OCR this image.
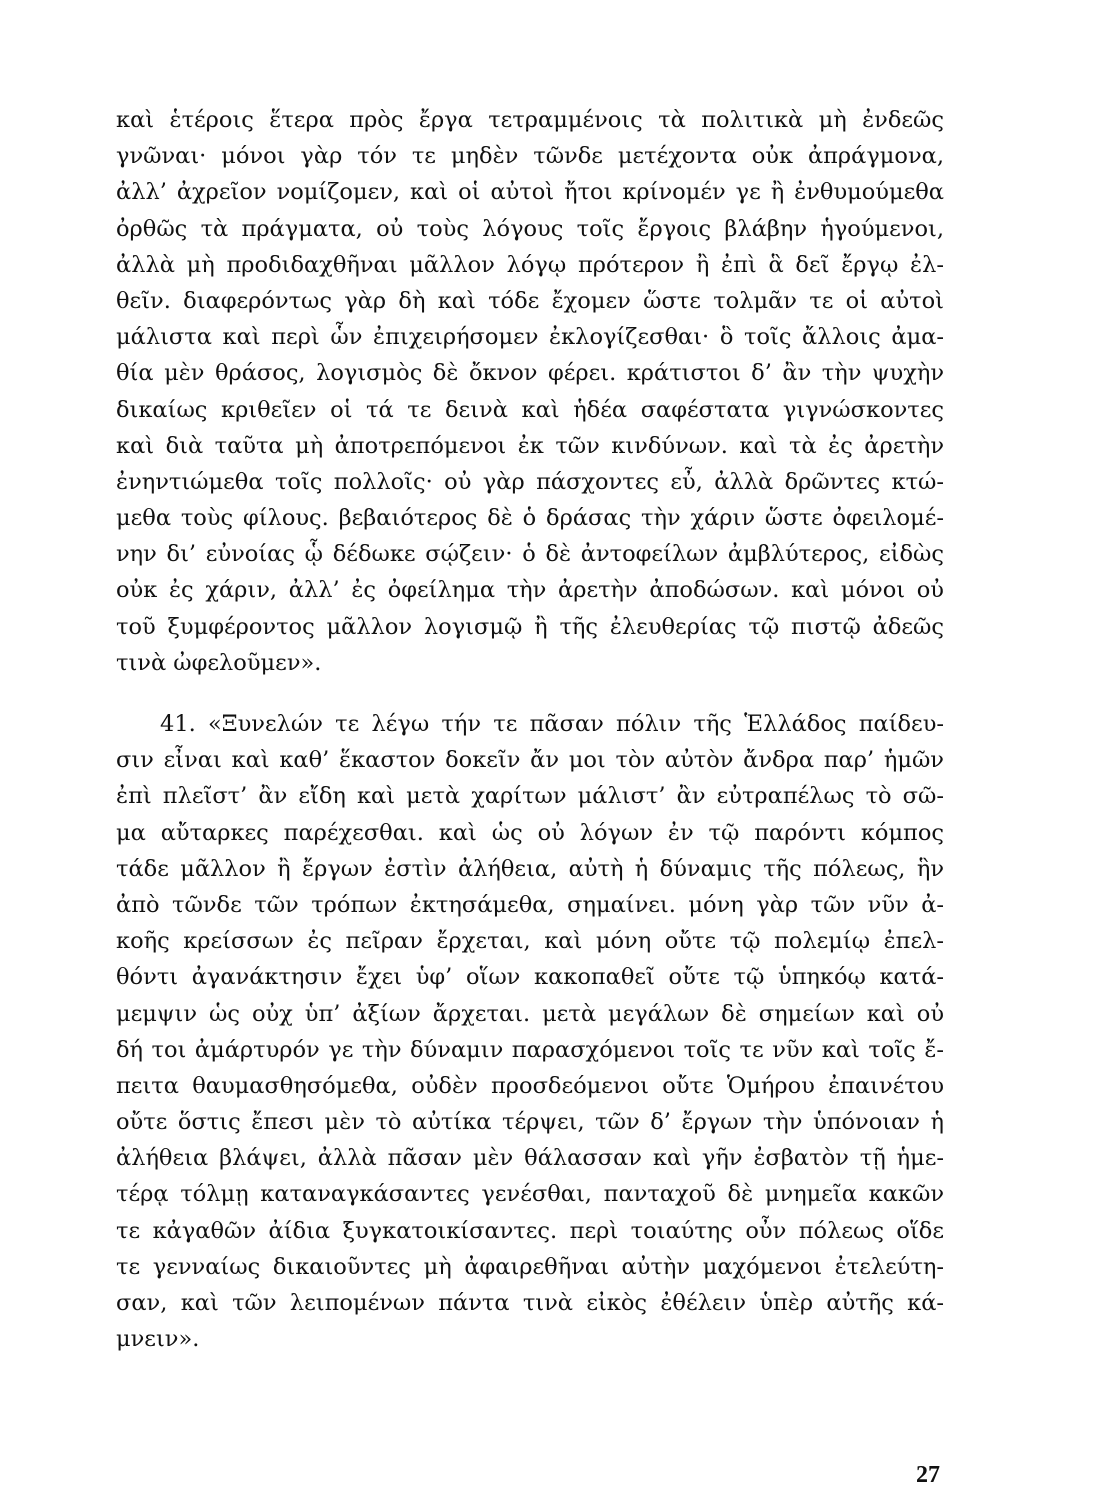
καὶ ἑτέροις ἕτερα πρὸς ἔργα τετραμμένοις τὰ πολιτικὰ μὴ ἐνδεῶς
γνῶναι· μόνοι γὰρ τόν τε μηδὲν τῶνδε μετέχοντα οὐκ ἀπράγμονα,
ἀλλ’ ἀχρεῖον νομίζομεν, καὶ οἱ αὐτοὶ ἤτοι κρίνομέν γε ἢ ἐνθυμούμεθα
ὀρθῶς τὰ πράγματα, οὐ τοὺς λόγους τοῖς ἔργοις βλάβην ἡγούμενοι,
ἀλλὰ μὴ προδιδαχθῆναι μᾶλλον λόγῳ πρότερον ἢ ἐπὶ ἃ δεῖ ἔργῳ ἐλ-
θεῖν. διαφερόντως γὰρ δὴ καὶ τόδε ἔχομεν ὥστε τολμᾶν τε οἱ αὐτοὶ
μάλιστα καὶ περὶ ὧν ἐπιχειρήσομεν ἐκλογίζεσθαι· ὃ τοῖς ἄλλοις ἀμα-
θία μὲν θράσος, λογισμὸς δὲ ὄκνον φέρει. κράτιστοι δ’ ἂν τὴν ψυχὴν
δικαίως κριθεῖεν οἱ τά τε δεινὰ καὶ ἡδέα σαφέστατα γιγνώσκοντες
καὶ διὰ ταῦτα μὴ ἀποτρεπόμενοι ἐκ τῶν κινδύνων. καὶ τὰ ἐς ἀρετὴν
ἐνηντιώμεθα τοῖς πολλοῖς· οὐ γὰρ πάσχοντες εὖ, ἀλλὰ δρῶντες κτώ-
μεθα τοὺς φίλους. βεβαιότερος δὲ ὁ δράσας τὴν χάριν ὥστε ὀφειλομέ-
νην δι’ εὐνοίας ᾧ δέδωκε σῴζειν· ὁ δὲ ἀντοφείλων ἀμβλύτερος, εἰδὼς
οὐκ ἐς χάριν, ἀλλ’ ἐς ὀφείλημα τὴν ἀρετὴν ἀποδώσων. καὶ μόνοι οὐ
τοῦ ξυμφέροντος μᾶλλον λογισμῷ ἢ τῆς ἐλευθερίας τῷ πιστῷ ἀδεῶς
τινὰ ὠφελοῦμεν».
41. «Ξυνελών τε λέγω τήν τε πᾶσαν πόλιν τῆς Ἑλλάδος παίδευ-
σιν εἶναι καὶ καθ’ ἕκαστον δοκεῖν ἄν μοι τὸν αὐτὸν ἄνδρα παρ’ ἡμῶν
ἐπὶ πλεῖστ’ ἂν εἴδη καὶ μετὰ χαρίτων μάλιστ’ ἂν εὐτραπέλως τὸ σῶ-
μα αὔταρκες παρέχεσθαι. καὶ ὡς οὐ λόγων ἐν τῷ παρόντι κόμπος
τάδε μᾶλλον ἢ ἔργων ἐστὶν ἀλήθεια, αὐτὴ ἡ δύναμις τῆς πόλεως, ἣν
ἀπὸ τῶνδε τῶν τρόπων ἐκτησάμεθα, σημαίνει. μόνη γὰρ τῶν νῦν ἀ-
κοῆς κρείσσων ἐς πεῖραν ἔρχεται, καὶ μόνη οὔτε τῷ πολεμίῳ ἐπελ-
θόντι ἀγανάκτησιν ἔχει ὑφ’ οἵων κακοπαθεῖ οὔτε τῷ ὑπηκόῳ κατά-
μεμψιν ὡς οὐχ ὑπ’ ἀξίων ἄρχεται. μετὰ μεγάλων δὲ σημείων καὶ οὐ
δή τοι ἀμάρτυρόν γε τὴν δύναμιν παρασχόμενοι τοῖς τε νῦν καὶ τοῖς ἔ-
πειτα θαυμασθησόμεθα, οὐδὲν προσδεόμενοι οὔτε Ὁμήρου ἐπαινέτου
οὔτε ὅστις ἔπεσι μὲν τὸ αὐτίκα τέρψει, τῶν δ’ ἔργων τὴν ὑπόνοιαν ἡ
ἀλήθεια βλάψει, ἀλλὰ πᾶσαν μὲν θάλασσαν καὶ γῆν ἐσβατὸν τῇ ἡμε-
τέρᾳ τόλμῃ καταναγκάσαντες γενέσθαι, πανταχοῦ δὲ μνημεῖα κακῶν
τε κἀγαθῶν ἀίδια ξυγκατοικίσαντες. περὶ τοιαύτης οὖν πόλεως οἵδε
τε γενναίως δικαιοῦντες μὴ ἀφαιρεθῆναι αὐτὴν μαχόμενοι ἐτελεύτη-
σαν, καὶ τῶν λειπομένων πάντα τινὰ εἰκὸς ἐθέλειν ὑπὲρ αὐτῆς κά-
μνειν».
27
